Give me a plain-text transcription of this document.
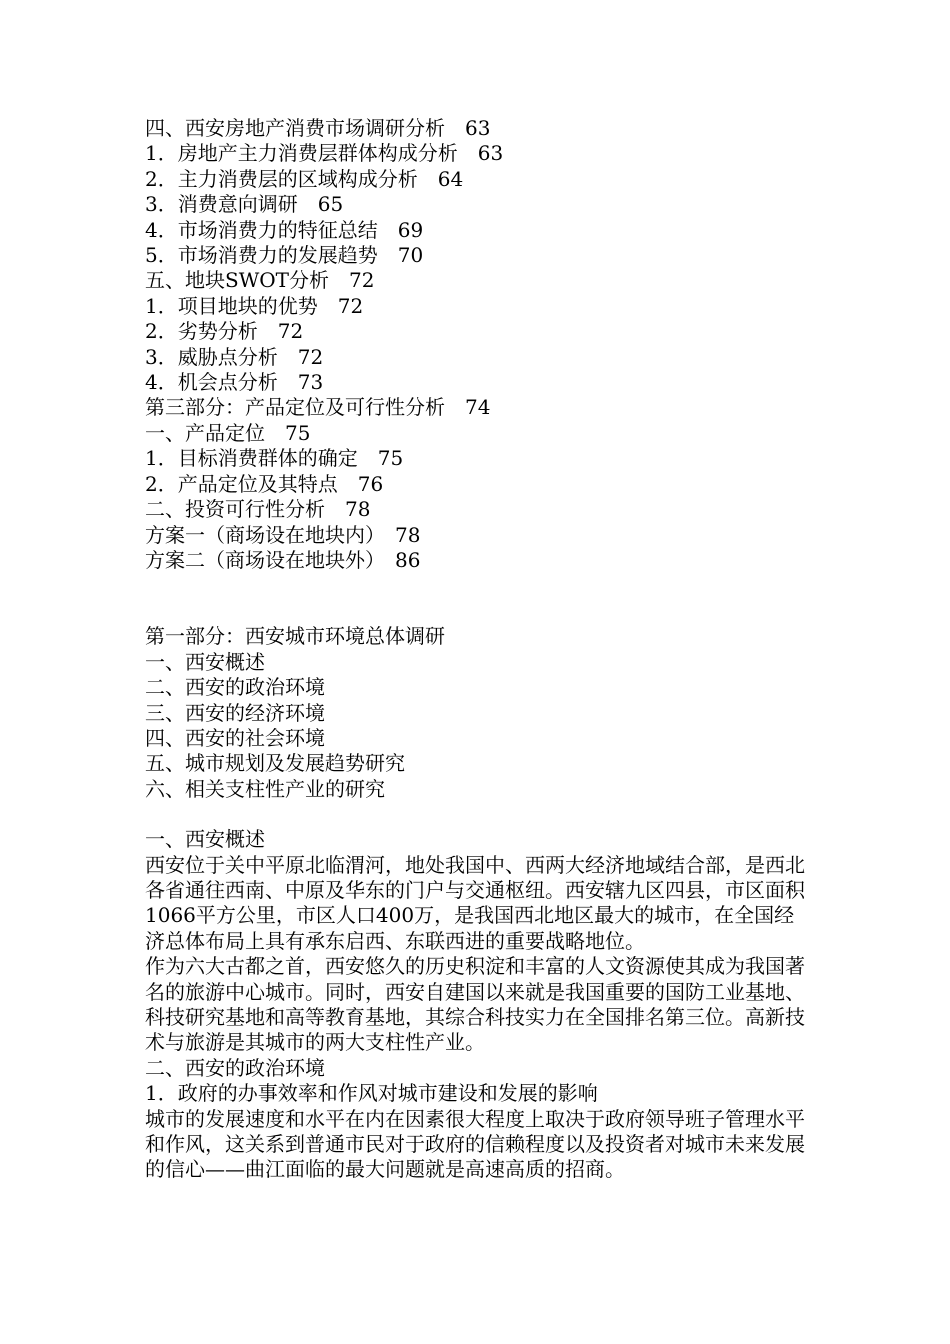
四、西安房地产消费市场调研分析　63
1．房地产主力消费层群体构成分析　63
2．主力消费层的区域构成分析　64
3．消费意向调研　65
4．市场消费力的特征总结　69
5．市场消费力的发展趋势　70
五、地块SWOT分析　72
1．项目地块的优势　72
2．劣势分析　72
3．威胁点分析　72
4．机会点分析　73
第三部分：产品定位及可行性分析　74
一、产品定位　75
1．目标消费群体的确定　75
2．产品定位及其特点　76
二、投资可行性分析　78
方案一（商场设在地块内）　78
方案二（商场设在地块外）　86
第一部分：西安城市环境总体调研
一、西安概述
二、西安的政治环境
三、西安的经济环境
四、西安的社会环境
五、城市规划及发展趋势研究
六、相关支柱性产业的研究
一、西安概述
西安位于关中平原北临渭河，地处我国中、西两大经济地域结合部，是西北各省通往西南、中原及华东的门户与交通枢纽。西安辖九区四县，市区面积1066平方公里，市区人口400万，是我国西北地区最大的城市，在全国经济总体布局上具有承东启西、东联西进的重要战略地位。
作为六大古都之首，西安悠久的历史积淀和丰富的人文资源使其成为我国著名的旅游中心城市。同时，西安自建国以来就是我国重要的国防工业基地、科技研究基地和高等教育基地，其综合科技实力在全国排名第三位。高新技术与旅游是其城市的两大支柱性产业。
二、西安的政治环境
1．政府的办事效率和作风对城市建设和发展的影响
城市的发展速度和水平在内在因素很大程度上取决于政府领导班子管理水平和作风，这关系到普通市民对于政府的信赖程度以及投资者对城市未来发展的信心——曲江面临的最大问题就是高速高质的招商。
